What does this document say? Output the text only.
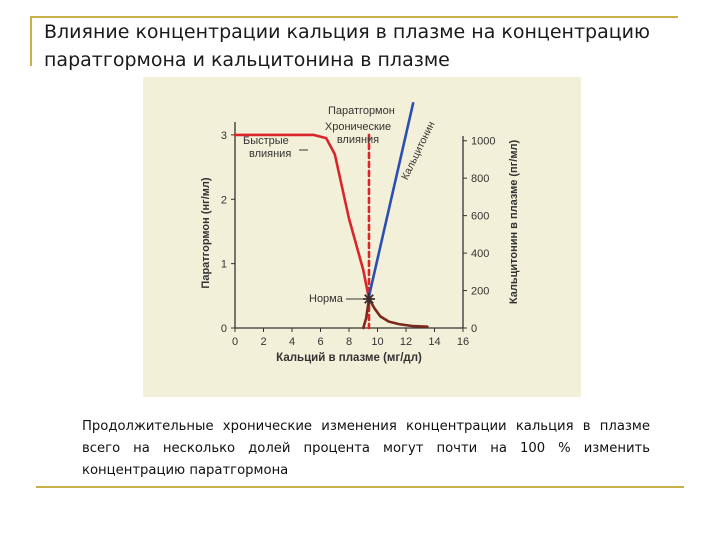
Влияние концентрации кальция в плазме на концентрацию паратгормона и кальцитонина в плазме
0 2 4 6 8 10 12 14 16
0
1
2
3
0
200
400
600
800
1000
Кальций в плазме (мг/дл)
Паратгормон (нг/мл)	Кальцитонин в плазме (пг/мл)
Паратгормон
Хронические
влияния
Быстрые
влияния	Кальцитонин
Норма
Продолжительные хронические изменения концентрации кальция в плазме всего на несколько долей процента могут почти на 100 % изменить концентрацию паратгормона
